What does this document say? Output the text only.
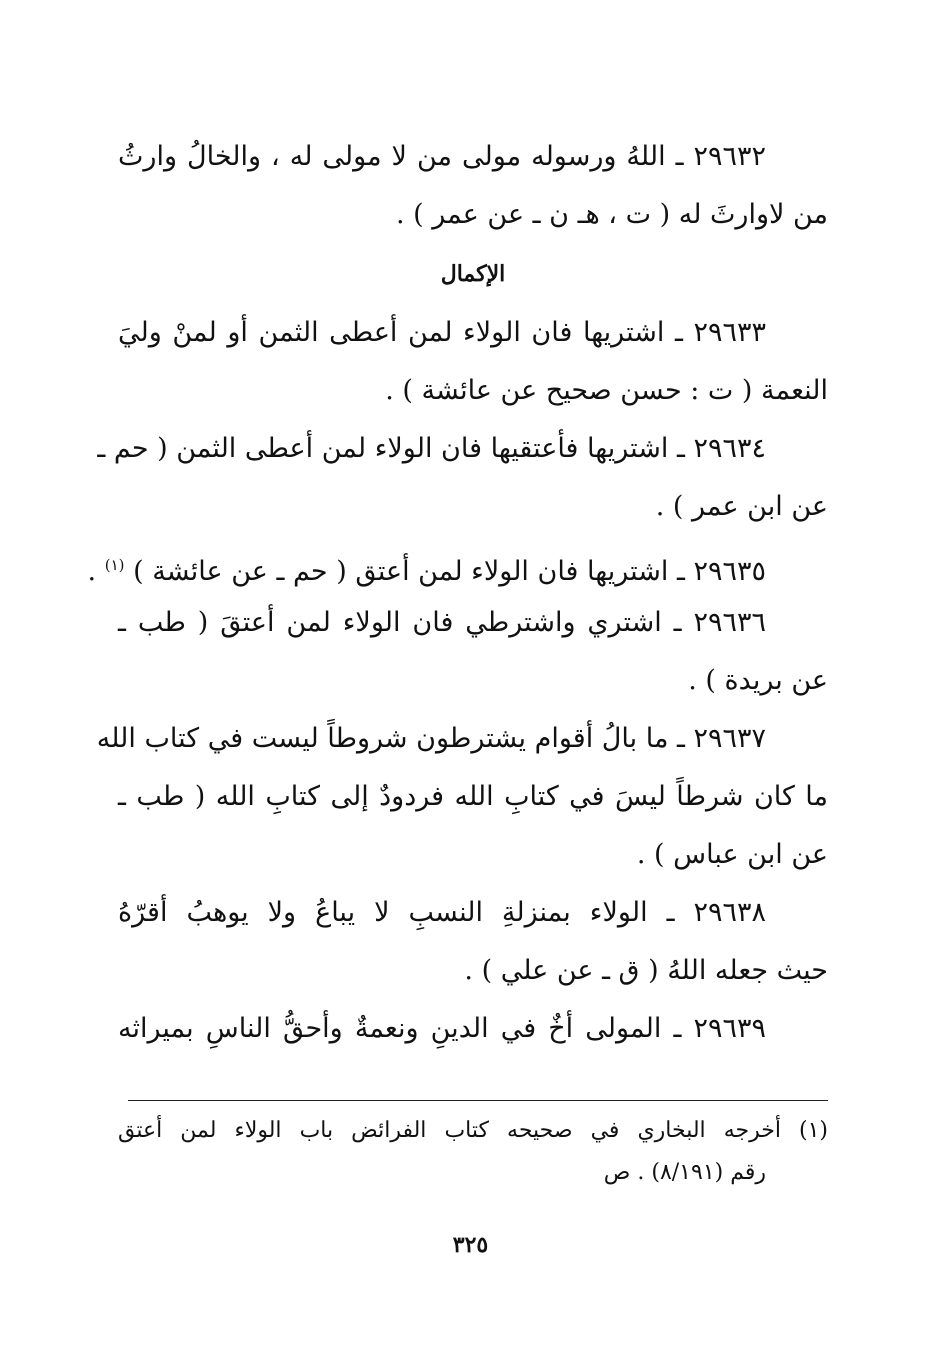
٢٩٦٣٢ ـ اللهُ ورسوله مولى من لا مولى له ، والخالُ وارثُ
من لاوارثَ له ( ت ، هـ ن ـ عن عمر ) .
الإكمال
٢٩٦٣٣ ـ اشتريها فان الولاء لمن أعطى الثمن أو لمنْ وليَ
النعمة ( ت : حسن صحيح عن عائشة ) .
٢٩٦٣٤ ـ اشتريها فأعتقيها فان الولاء لمن أعطى الثمن ( حم ـ
عن ابن عمر ) .
٢٩٦٣٥ ـ اشتريها فان الولاء لمن أعتق ( حم ـ عن عائشة ) $^{(١)}$ .
٢٩٦٣٦ ـ اشتري واشترطي فان الولاء لمن أعتقَ ( طب ـ
عن بريدة ) .
٢٩٦٣٧ ـ ما بالُ أقوام يشترطون شروطاً ليست في كتاب الله
ما كان شرطاً ليسَ في كتابِ الله فردودٌ إلى كتابِ الله ( طب ـ
عن ابن عباس ) .
٢٩٦٣٨ ـ الولاء بمنزلةِ النسبِ لا يباعُ ولا يوهبُ أقرّهُ
حيث جعله اللهُ ( ق ـ عن علي ) .
٢٩٦٣٩ ـ المولى أخٌ في الدينِ ونعمةٌ وأحقُّ الناسِ بميراثه
(١) أخرجه البخاري في صحيحه كتاب الفرائض باب الولاء لمن أعتق
رقم (٨/١٩١) . ص
٣٢٥
